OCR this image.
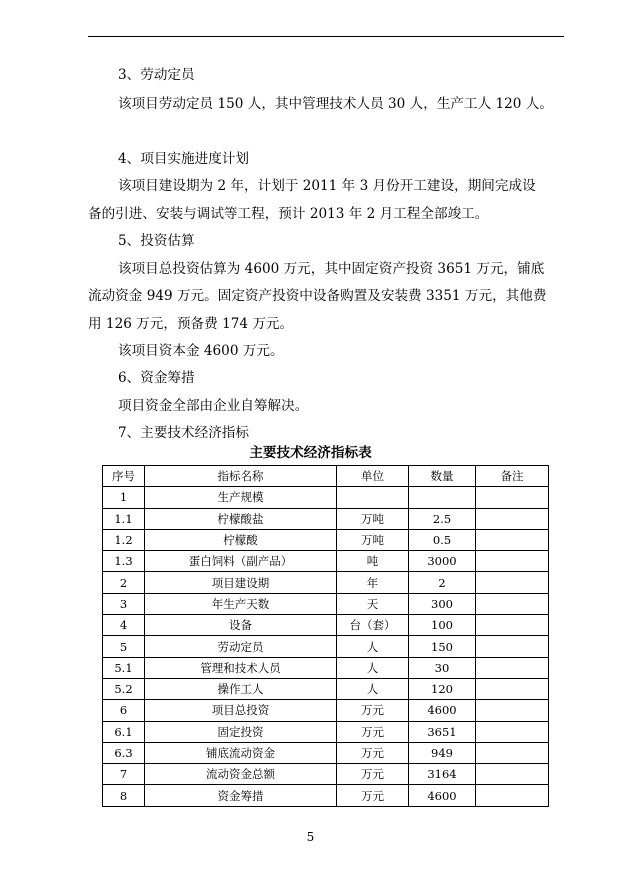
3、劳动定员
该项目劳动定员 150 人，其中管理技术人员 30 人，生产工人 120 人。
4、项目实施进度计划
该项目建设期为 2 年，计划于 2011 年 3 月份开工建设，期间完成设
备的引进、安装与调试等工程，预计 2013 年 2 月工程全部竣工。
5、投资估算
该项目总投资估算为 4600 万元，其中固定资产投资 3651 万元，铺底
流动资金 949 万元。固定资产投资中设备购置及安装费 3351 万元，其他费
用 126 万元，预备费 174 万元。
该项目资本金 4600 万元。
6、资金筹措
项目资金全部由企业自筹解决。
7、主要技术经济指标
主要技术经济指标表
序号	指标名称	单位	数量	备注
1	生产规模			
1.1	柠檬酸盐	万吨	2.5	
1.2	柠檬酸	万吨	0.5	
1.3	蛋白饲料（副产品）	吨	3000	
2	项目建设期	年	2	
3	年生产天数	天	300	
4	设备	台（套）	100	
5	劳动定员	人	150	
5.1	管理和技术人员	人	30	
5.2	操作工人	人	120	
6	项目总投资	万元	4600	
6.1	固定投资	万元	3651	
6.3	铺底流动资金	万元	949	
7	流动资金总额	万元	3164	
8	资金筹措	万元	4600	
5
